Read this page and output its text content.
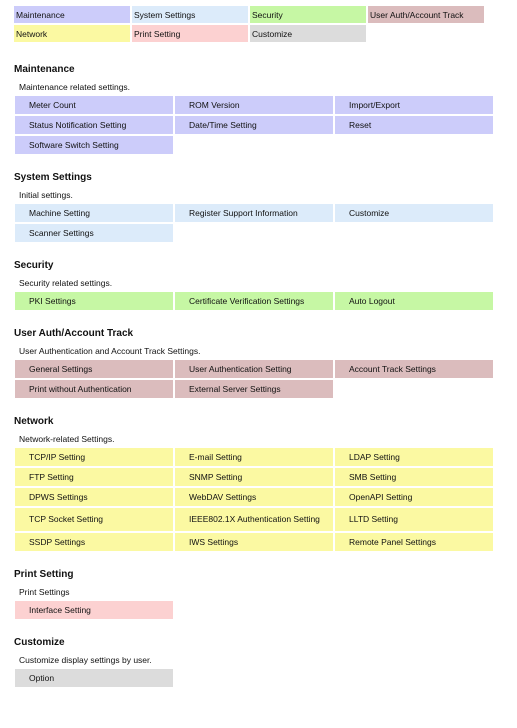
Maintenance	System Settings	Security	User Auth/Account Track
Network	Print Setting	Customize
Maintenance
Maintenance related settings.
Meter Count	ROM Version	Import/Export
Status Notification Setting	Date/Time Setting	Reset
Software Switch Setting
System Settings
Initial settings.
Machine Setting	Register Support Information	Customize
Scanner Settings
Security
Security related settings.
PKI Settings	Certificate Verification Settings	Auto Logout
User Auth/Account Track
User Authentication and Account Track Settings.
General Settings	User Authentication Setting	Account Track Settings
Print without Authentication	External Server Settings
Network
Network-related Settings.
TCP/IP Setting	E-mail Setting	LDAP Setting
FTP Setting	SNMP Setting	SMB Setting
DPWS Settings	WebDAV Settings	OpenAPI Setting
TCP Socket Setting	IEEE802.1X Authentication Setting	LLTD Setting
SSDP Settings	IWS Settings	Remote Panel Settings
Print Setting
Print Settings
Interface Setting
Customize
Customize display settings by user.
Option
